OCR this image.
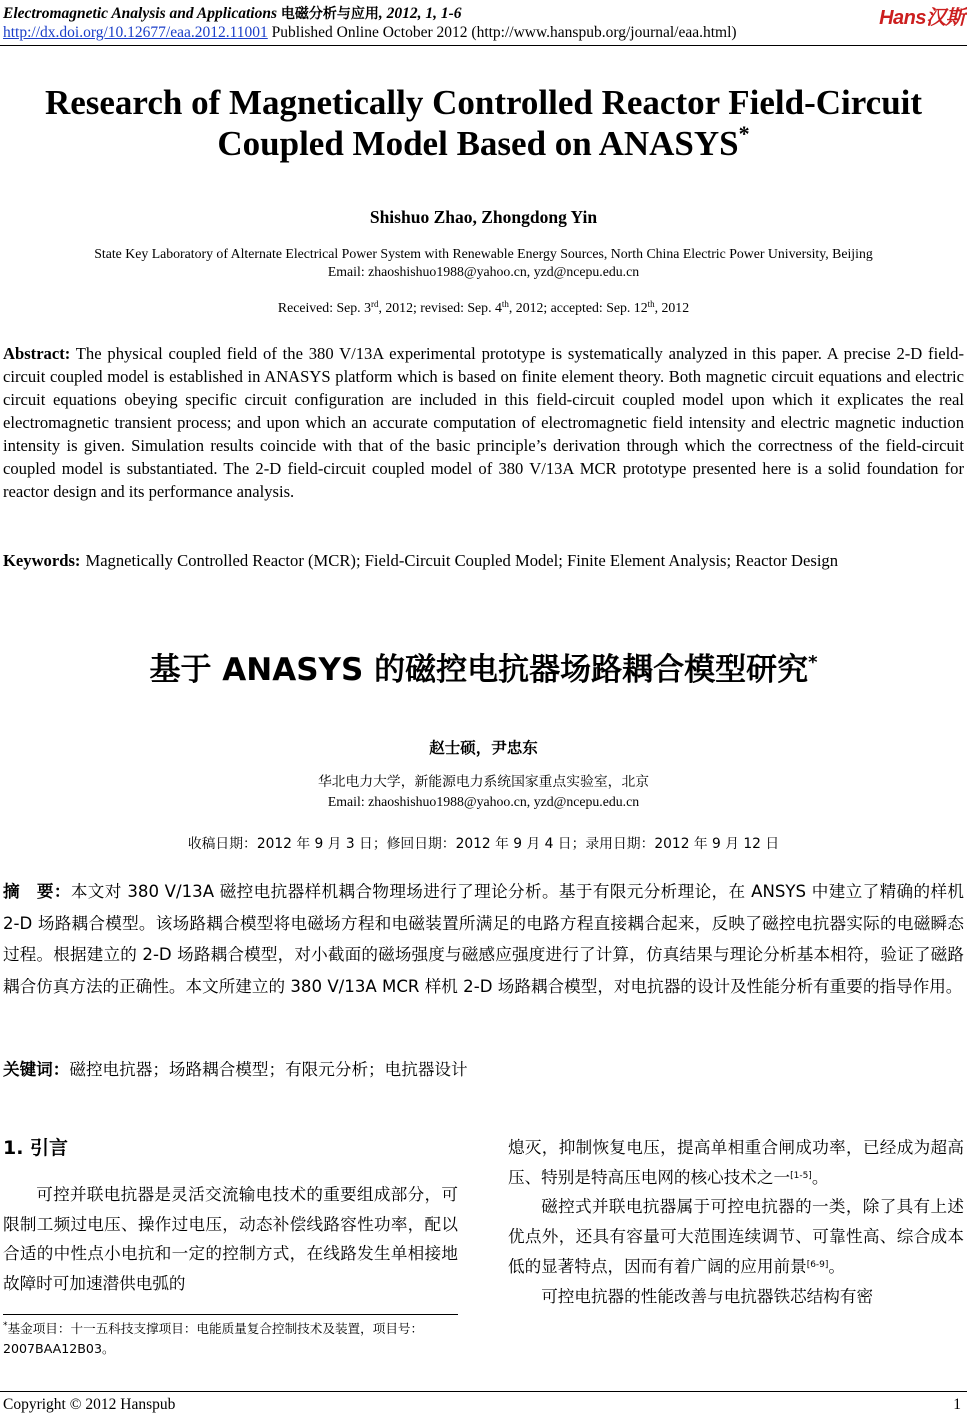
Electromagnetic Analysis and Applications 电磁分析与应用, 2012, 1, 1-6	Hans汉斯
http://dx.doi.org/10.12677/eaa.2012.11001 Published Online October 2012 (http://www.hanspub.org/journal/eaa.html)
Research of Magnetically Controlled Reactor Field-Circuit
Coupled Model Based on ANASYS*
Shishuo Zhao, Zhongdong Yin
State Key Laboratory of Alternate Electrical Power System with Renewable Energy Sources, North China Electric Power University, Beijing
Email: zhaoshishuo1988@yahoo.cn, yzd@ncepu.edu.cn
Received: Sep. 3rd, 2012; revised: Sep. 4th, 2012; accepted: Sep. 12th, 2012
Abstract: The physical coupled field of the 380 V/13A experimental prototype is systematically analyzed in this paper. A precise 2-D field-circuit coupled model is established in ANASYS platform which is based on finite element theory. Both magnetic circuit equations and electric circuit equations obeying specific circuit configuration are included in this field-circuit coupled model upon which it explicates the real electromagnetic transient process; and upon which an accurate computation of electromagnetic field intensity and electric magnetic induction intensity is given. Simulation results coincide with that of the basic principle’s derivation through which the correctness of the field-circuit coupled model is substantiated. The 2-D field-circuit coupled model of 380 V/13A MCR prototype presented here is a solid foundation for reactor design and its performance analysis.
Keywords: Magnetically Controlled Reactor (MCR); Field-Circuit Coupled Model; Finite Element Analysis; Reactor Design
基于 ANASYS 的磁控电抗器场路耦合模型研究*
赵士硕，尹忠东
华北电力大学，新能源电力系统国家重点实验室，北京
Email: zhaoshishuo1988@yahoo.cn, yzd@ncepu.edu.cn
收稿日期：2012 年 9 月 3 日；修回日期：2012 年 9 月 4 日；录用日期：2012 年 9 月 12 日
摘　要：本文对 380 V/13A 磁控电抗器样机耦合物理场进行了理论分析。基于有限元分析理论，在 ANSYS 中建立了精确的样机 2-D 场路耦合模型。该场路耦合模型将电磁场方程和电磁装置所满足的电路方程直接耦合起来，反映了磁控电抗器实际的电磁瞬态过程。根据建立的 2-D 场路耦合模型，对小截面的磁场强度与磁感应强度进行了计算，仿真结果与理论分析基本相符，验证了磁路耦合仿真方法的正确性。本文所建立的 380 V/13A MCR 样机 2-D 场路耦合模型，对电抗器的设计及性能分析有重要的指导作用。
关键词：磁控电抗器；场路耦合模型；有限元分析；电抗器设计
1. 引言
可控并联电抗器是灵活交流输电技术的重要组成部分，可限制工频过电压、操作过电压，动态补偿线路容性功率，配以合适的中性点小电抗和一定的控制方式，在线路发生单相接地故障时可加速潜供电弧的

熄灭，抑制恢复电压，提高单相重合闸成功率，已经成为超高压、特别是特高压电网的核心技术之一[1-5]。

磁控式并联电抗器属于可控电抗器的一类，除了具有上述优点外，还具有容量可大范围连续调节、可靠性高、综合成本低的显著特点，因而有着广阔的应用前景[6-9]。

可控电抗器的性能改善与电抗器铁芯结构有密

*基金项目：十一五科技支撑项目：电能质量复合控制技术及装置，项目号：2007BAA12B03。
Copyright © 2012 Hanspub	1
